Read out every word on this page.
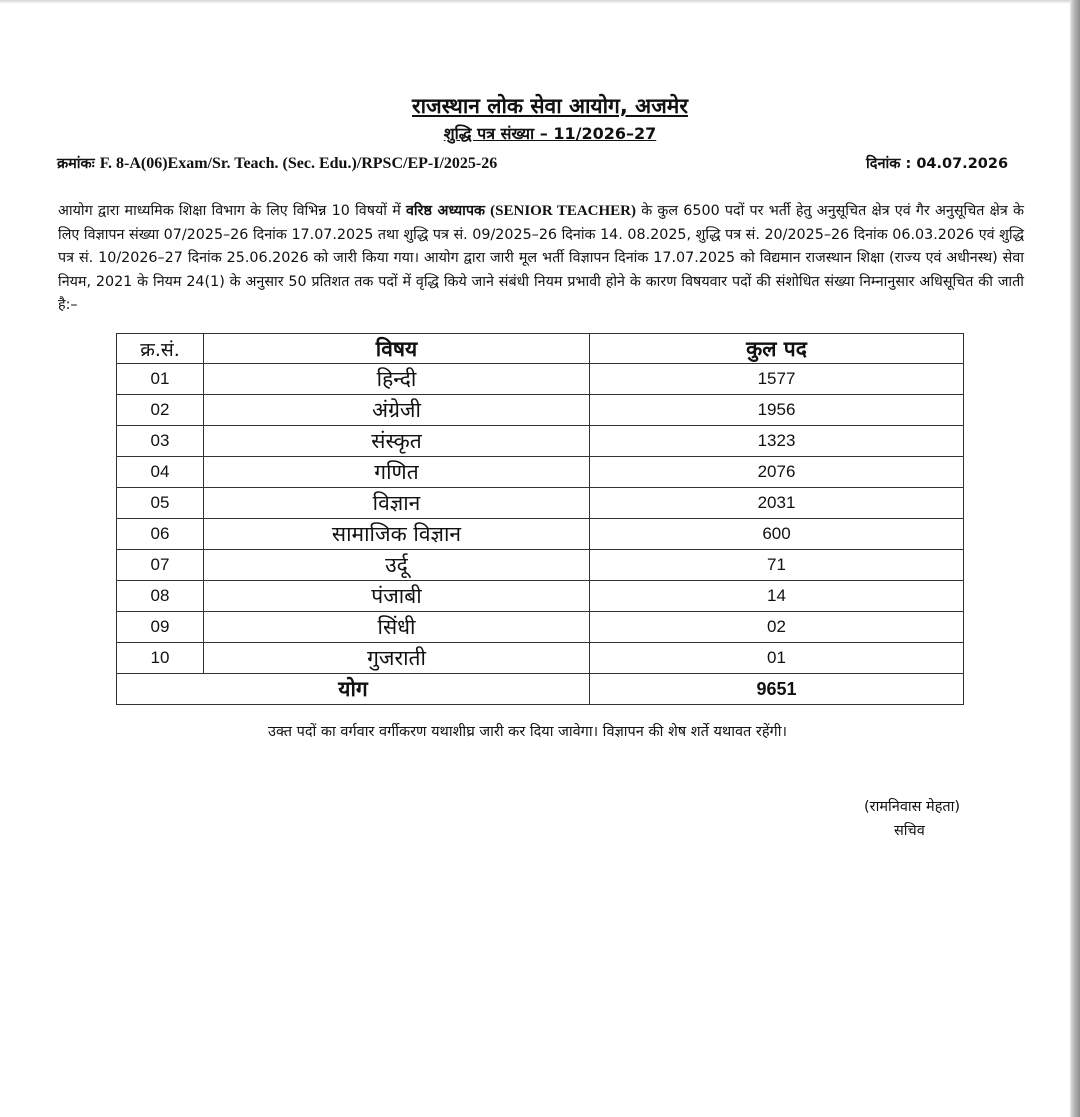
राजस्थान लोक सेवा आयोग, अजमेर
शुद्धि पत्र संख्या – 11/2026–27
क्रमांकः F. 8-A(06)Exam/Sr. Teach. (Sec. Edu.)/RPSC/EP-I/2025-26	दिनांक : 04.07.2026
आयोग द्वारा माध्यमिक शिक्षा विभाग के लिए विभिन्न 10 विषयों में वरिष्ठ अध्यापक (SENIOR TEACHER) के कुल 6500 पदों पर भर्ती हेतु अनुसूचित क्षेत्र एवं गैर अनुसूचित क्षेत्र के लिए विज्ञापन संख्या 07/2025–26 दिनांक 17.07.2025 तथा शुद्धि पत्र सं. 09/2025–26 दिनांक 14. 08.2025, शुद्धि पत्र सं. 20/2025–26 दिनांक 06.03.2026 एवं शुद्धि पत्र सं. 10/2026–27 दिनांक 25.06.2026 को जारी किया गया। आयोग द्वारा जारी मूल भर्ती विज्ञापन दिनांक 17.07.2025 को विद्यमान राजस्थान शिक्षा (राज्य एवं अधीनस्थ) सेवा नियम, 2021 के नियम 24(1) के अनुसार 50 प्रतिशत तक पदों में वृद्धि किये जाने संबंधी नियम प्रभावी होने के कारण विषयवार पदों की संशोधित संख्या निम्नानुसार अधिसूचित की जाती है:–
क्र.सं.	विषय	कुल पद
01	हिन्दी	1577
02	अंग्रेजी	1956
03	संस्कृत	1323
04	गणित	2076
05	विज्ञान	2031
06	सामाजिक विज्ञान	600
07	उर्दू	71
08	पंजाबी	14
09	सिंधी	02
10	गुजराती	01
योग		9651
उक्त पदों का वर्गवार वर्गीकरण यथाशीघ्र जारी कर दिया जावेगा। विज्ञापन की शेष शर्ते यथावत रहेंगी।
(रामनिवास मेहता)
सचिव
